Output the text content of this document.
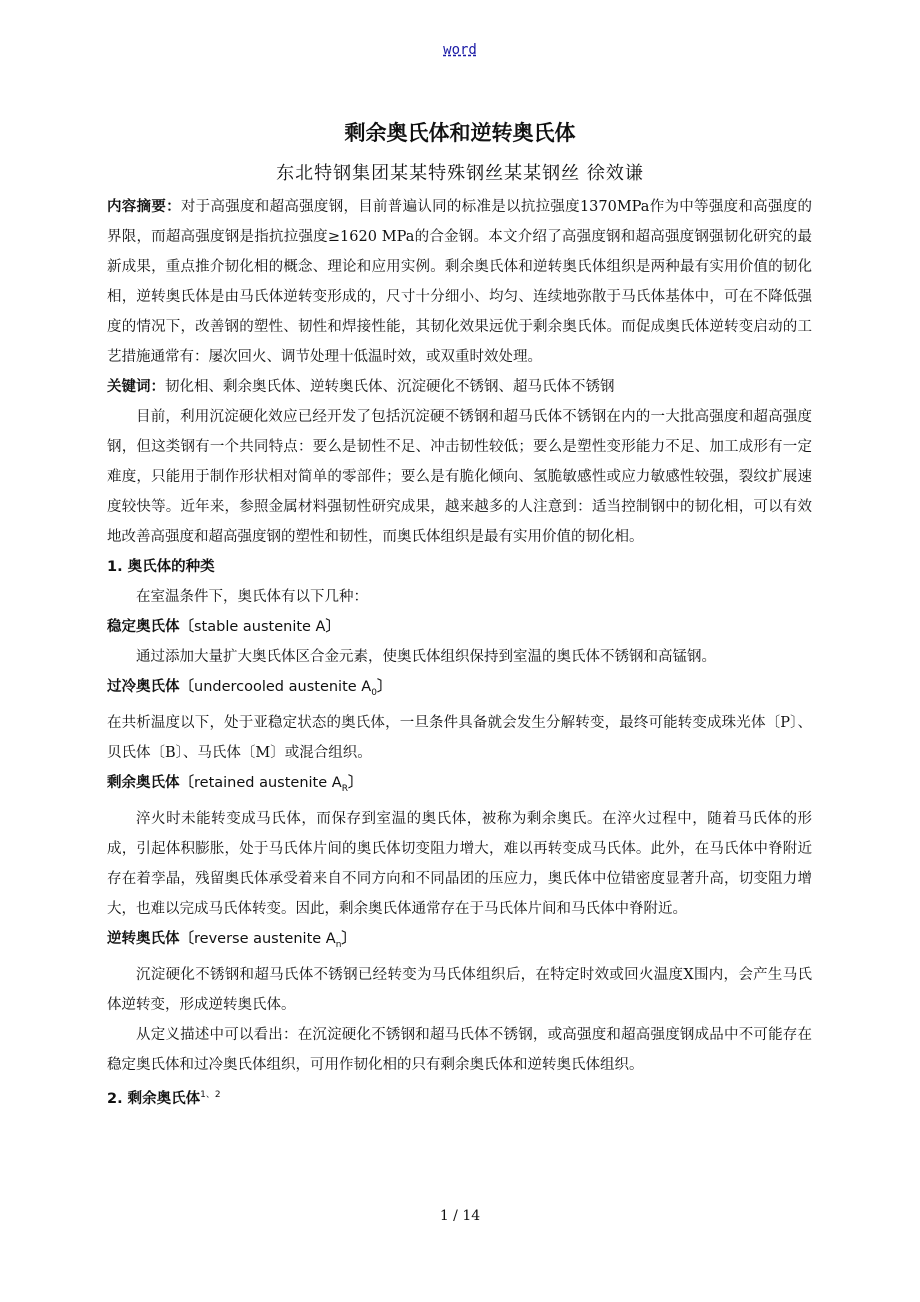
word
剩余奥氏体和逆转奥氏体
东北特钢集团某某特殊钢丝某某钢丝 徐效谦

内容摘要：对于高强度和超高强度钢，目前普遍认同的标准是以抗拉强度1370MPa作为中等强度和高强度的界限，而超高强度钢是指抗拉强度≥1620 MPa的合金钢。本文介绍了高强度钢和超高强度钢强韧化研究的最新成果，重点推介韧化相的概念、理论和应用实例。剩余奥氏体和逆转奥氏体组织是两种最有实用价值的韧化相，逆转奥氏体是由马氏体逆转变形成的，尺寸十分细小、均匀、连续地弥散于马氏体基体中，可在不降低强度的情况下，改善钢的塑性、韧性和焊接性能，其韧化效果远优于剩余奥氏体。而促成奥氏体逆转变启动的工艺措施通常有：屡次回火、调节处理十低温时效，或双重时效处理。

关键词：韧化相、剩余奥氏体、逆转奥氏体、沉淀硬化不锈钢、超马氏体不锈钢

目前，利用沉淀硬化效应已经开发了包括沉淀硬不锈钢和超马氏体不锈钢在内的一大批高强度和超高强度钢，但这类钢有一个共同特点：要么是韧性不足、冲击韧性较低；要么是塑性变形能力不足、加工成形有一定难度，只能用于制作形状相对简单的零部件；要么是有脆化倾向、氢脆敏感性或应力敏感性较强，裂纹扩展速度较快等。近年来，参照金属材料强韧性研究成果，越来越多的人注意到：适当控制钢中的韧化相，可以有效地改善高强度和超高强度钢的塑性和韧性，而奥氏体组织是最有实用价值的韧化相。

1. 奥氏体的种类

在室温条件下，奥氏体有以下几种：

稳定奥氏体〔stable austenite A〕

通过添加大量扩大奥氏体区合金元素，使奥氏体组织保持到室温的奥氏体不锈钢和高锰钢。

过冷奥氏体〔undercooled austenite $A_0$〕

在共析温度以下，处于亚稳定状态的奥氏体，一旦条件具备就会发生分解转变，最终可能转变成珠光体〔P〕、贝氏体〔B〕、马氏体〔M〕或混合组织。

剩余奥氏体〔retained austenite $A_R$〕

淬火时未能转变成马氏体，而保存到室温的奥氏体，被称为剩余奥氏。在淬火过程中，随着马氏体的形成，引起体积膨胀，处于马氏体片间的奥氏体切变阻力增大，难以再转变成马氏体。此外，在马氏体中脊附近存在着孪晶，残留奥氏体承受着来自不同方向和不同晶团的压应力，奥氏体中位错密度显著升高，切变阻力增大，也难以完成马氏体转变。因此，剩余奥氏体通常存在于马氏体片间和马氏体中脊附近。

逆转奥氏体〔reverse austenite $A_n$〕

沉淀硬化不锈钢和超马氏体不锈钢已经转变为马氏体组织后，在特定时效或回火温度X围内，会产生马氏体逆转变，形成逆转奥氏体。

从定义描述中可以看出：在沉淀硬化不锈钢和超马氏体不锈钢，或高强度和超高强度钢成品中不可能存在稳定奥氏体和过冷奥氏体组织，可用作韧化相的只有剩余奥氏体和逆转奥氏体组织。

2. 剩余奥氏体$^{1、2}$

1 / 14
